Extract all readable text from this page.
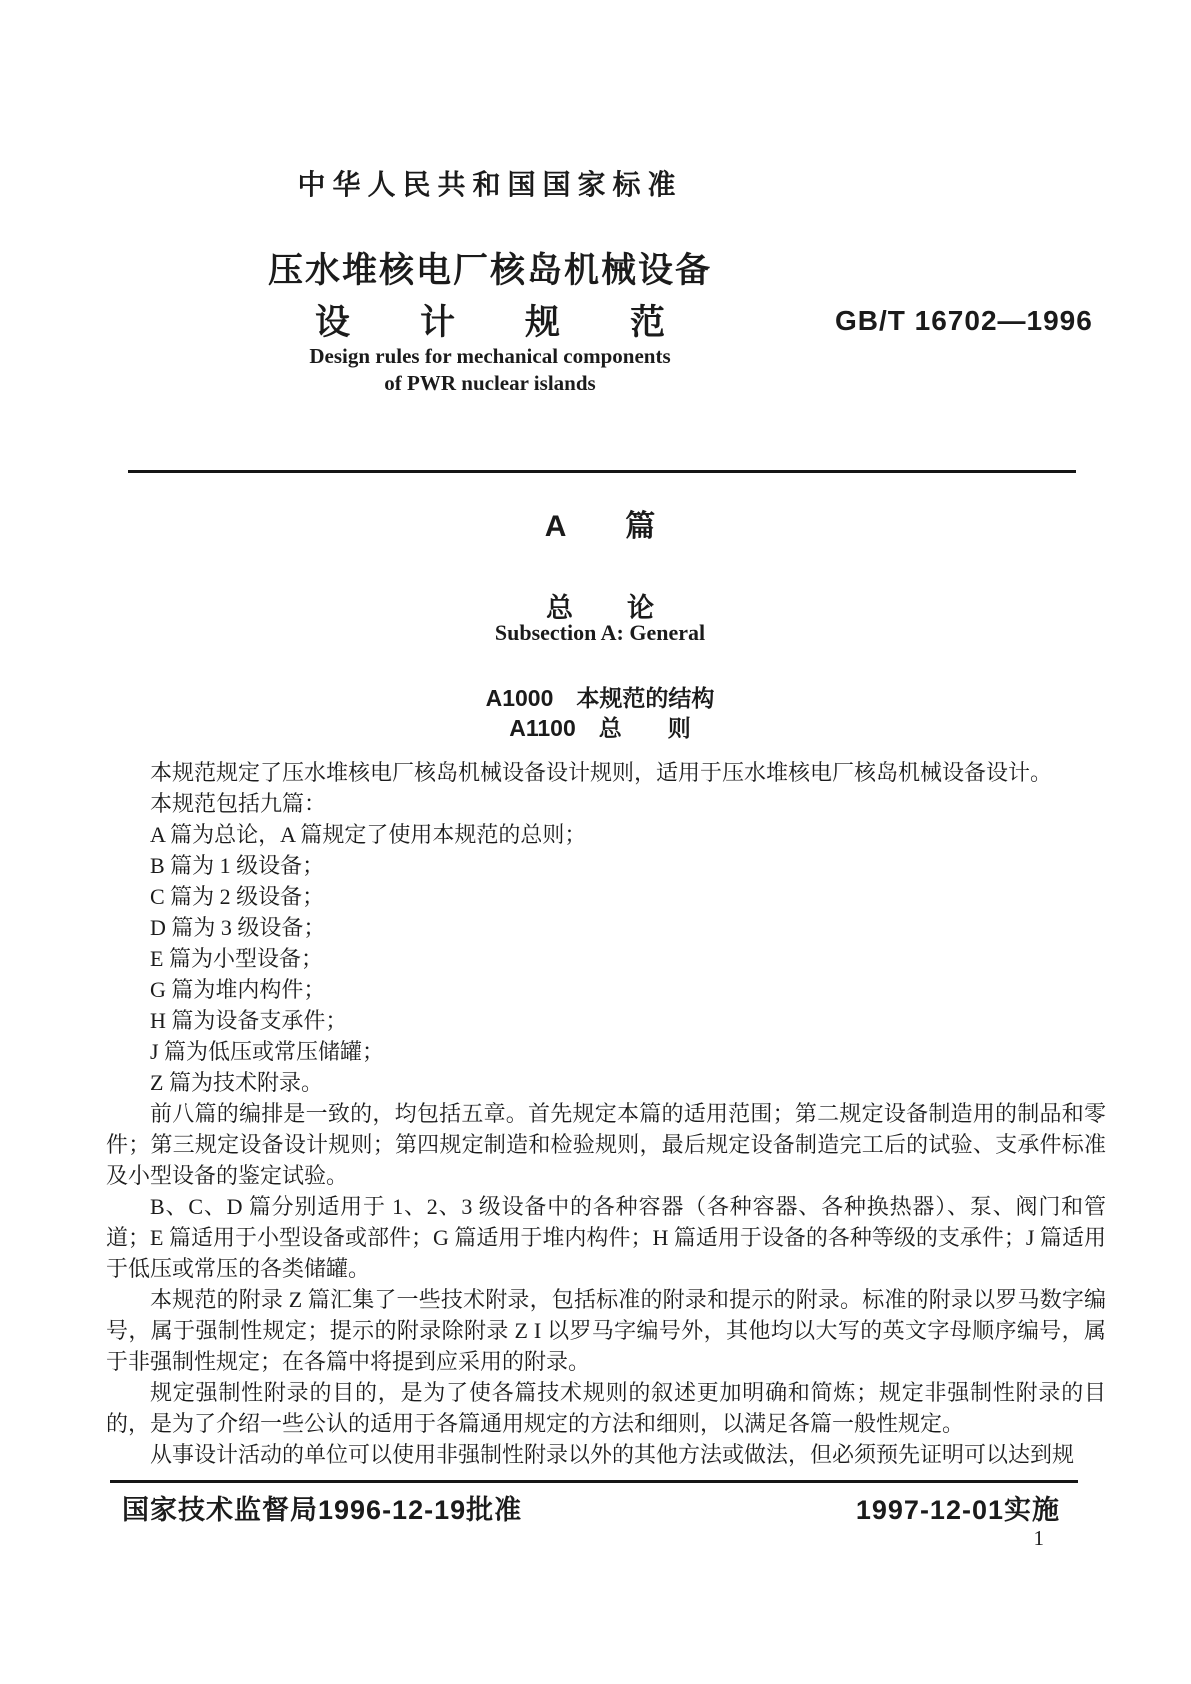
中华人民共和国国家标准
压水堆核电厂核岛机械设备
设　　计　　规　　范	GB/T 16702—1996
Design rules for mechanical components
of PWR nuclear islands
A　　篇
总　　论
Subsection A: General
A1000　本规范的结构
A1100　总　　则

本规范规定了压水堆核电厂核岛机械设备设计规则，适用于压水堆核电厂核岛机械设备设计。

本规范包括九篇：

A 篇为总论，A 篇规定了使用本规范的总则；

B 篇为 1 级设备；

C 篇为 2 级设备；

D 篇为 3 级设备；

E 篇为小型设备；

G 篇为堆内构件；

H 篇为设备支承件；

J 篇为低压或常压储罐；

Z 篇为技术附录。

前八篇的编排是一致的，均包括五章。首先规定本篇的适用范围；第二规定设备制造用的制品和零件；第三规定设备设计规则；第四规定制造和检验规则，最后规定设备制造完工后的试验、支承件标准及小型设备的鉴定试验。

B、C、D 篇分别适用于 1、2、3 级设备中的各种容器（各种容器、各种换热器）、泵、阀门和管道；E 篇适用于小型设备或部件；G 篇适用于堆内构件；H 篇适用于设备的各种等级的支承件；J 篇适用于低压或常压的各类储罐。

本规范的附录 Z 篇汇集了一些技术附录，包括标准的附录和提示的附录。标准的附录以罗马数字编号，属于强制性规定；提示的附录除附录 Z I 以罗马字编号外，其他均以大写的英文字母顺序编号，属于非强制性规定；在各篇中将提到应采用的附录。

规定强制性附录的目的，是为了使各篇技术规则的叙述更加明确和简炼；规定非强制性附录的目的，是为了介绍一些公认的适用于各篇通用规定的方法和细则，以满足各篇一般性规定。

从事设计活动的单位可以使用非强制性附录以外的其他方法或做法，但必须预先证明可以达到规

国家技术监督局1996-12-19批准	1997-12-01实施
1
